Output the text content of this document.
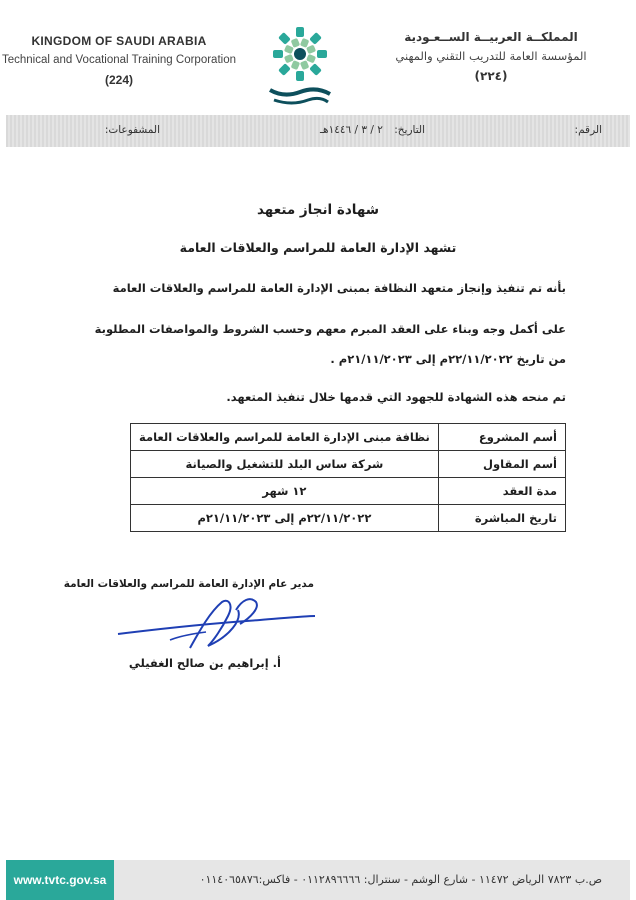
KINGDOM OF SAUDI ARABIA
Technical and Vocational Training Corporation
(224)
المملكــة العربيــة الســعـودية
المؤسسة العامة للتدريب التقني والمهني
(٢٢٤)
الرقم:
التاريخ: ٢ / ٣ / ١٤٤٦هـ
المشفوعات:
شهادة انجاز متعهد
تشهد الإدارة العامة للمراسم والعلاقات العامة
بأنه تم تنفيذ وإنجاز متعهد النظافة بمبنى الإدارة العامة للمراسم والعلاقات العامة
على أكمل وجه وبناء على العقد المبرم معهم وحسب الشروط والمواصفات المطلوبة
من تاريخ ٢٢/١١/٢٠٢٢م إلى ٢١/١١/٢٠٢٣م .
تم منحه هذه الشهادة للجهود التي قدمها خلال تنفيذ المتعهد.
أسم المشروع	نظافة مبنى الإدارة العامة للمراسم والعلاقات العامة
أسم المقاول	شركة ساس البلد للتشغيل والصيانة
مدة العقد	١٢ شهر
تاريخ المباشرة	٢٢/١١/٢٠٢٢م إلى ٢١/١١/٢٠٢٣م
مدير عام الإدارة العامة للمراسم والعلاقات العامة
أ. إبراهيم بن صالح الغفيلي
www.tvtc.gov.sa	ص.ب ٧٨٢٣ الرياض ١١٤٧٢ - شارع الوشم - سنترال: ٠١١٢٨٩٦٦٦٦ - فاكس:٠١١٤٠٦٥٨٧٦
